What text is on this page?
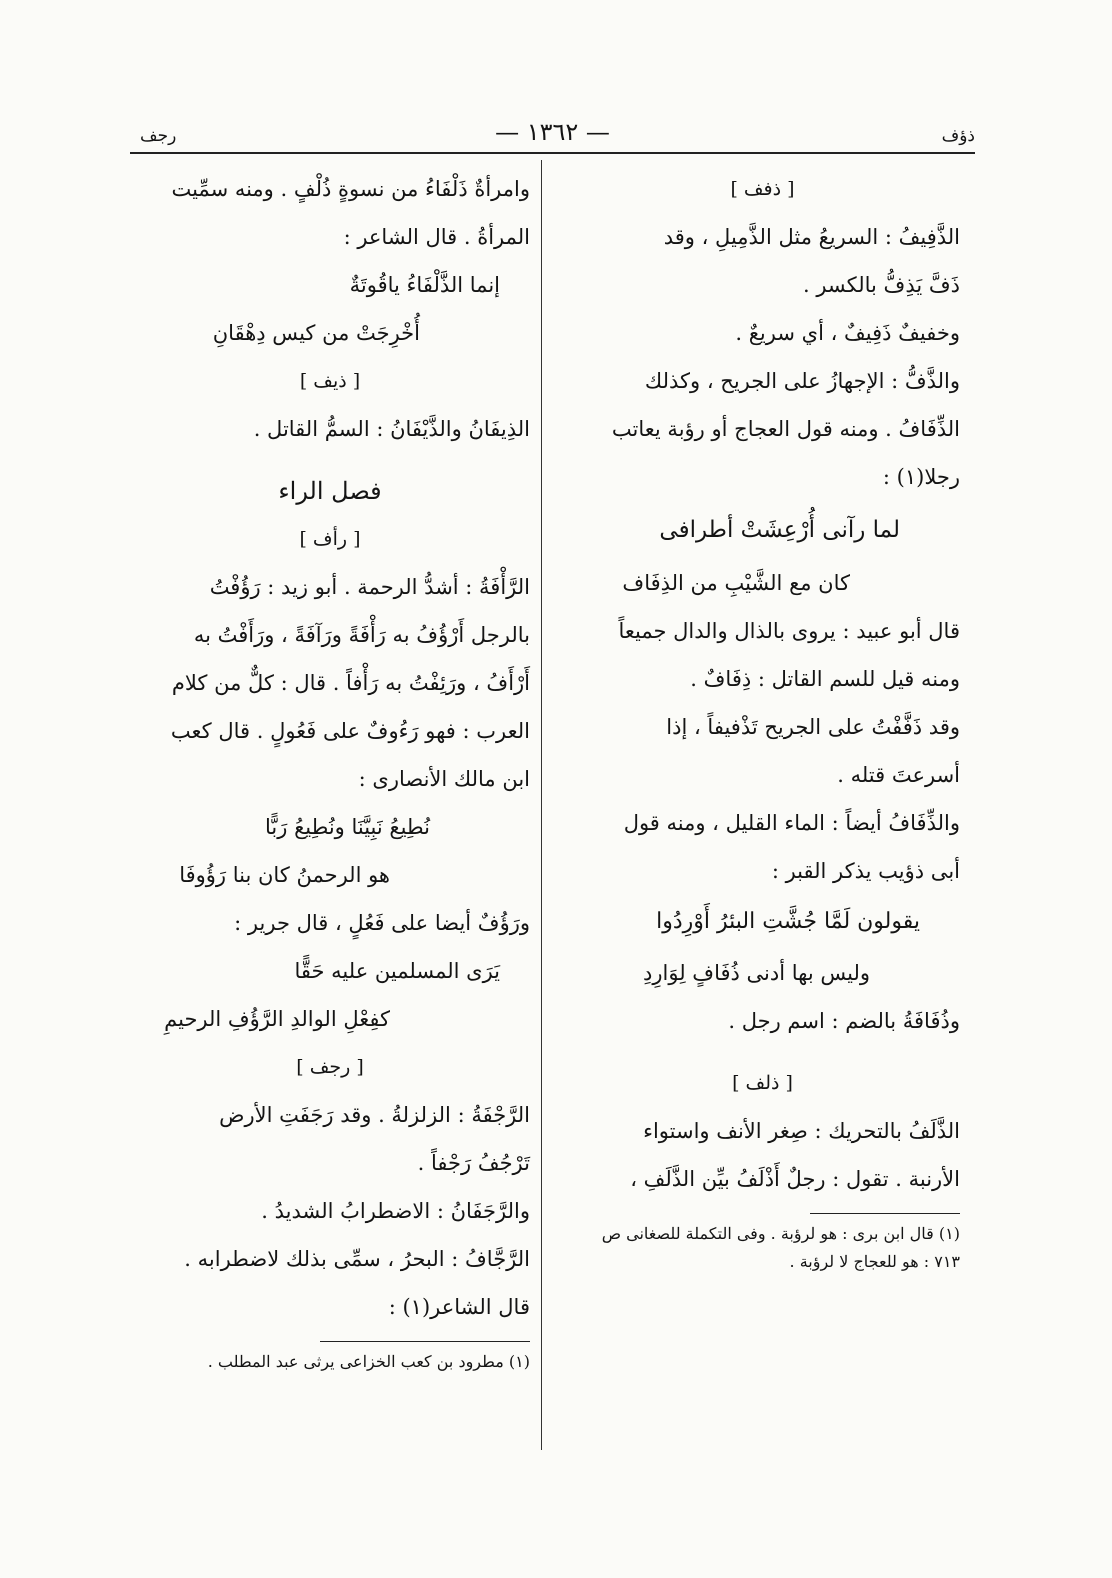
ذؤف
— ١٣٦٢ —
رجف

[ ذفف ]

الذَّفِيفُ : السريعُ مثل الذَّمِيلِ ، وقد

ذَفَّ يَذِفُّ بالكسر .

وخفيفٌ ذَفِيفٌ ، أي سريعٌ .

والذَّفُّ : الإجهازُ على الجريح ، وكذلك

الذِّفَافُ . ومنه قول العجاج أو رؤبة يعاتب

رجلا(١) :

لما رآنى أُرْعِشَتْ أطرافى

كان مع الشَّيْبِ من الذِفَاف

قال أبو عبيد : يروى بالذال والدال جميعاً

ومنه قيل للسم القاتل : ذِفَافٌ .

وقد ذَفَّفْتُ على الجريح تَذْفيفاً ، إذا

أسرعتَ قتله .

والذِّفَافُ أيضاً : الماء القليل ، ومنه قول

أبى ذؤيب يذكر القبر :

يقولون لَمَّا جُشَّتِ البئرُ أَوْرِدُوا

وليس بها أدنى ذُفَافٍ لِوَارِدِ

وذُفَافَةُ بالضم : اسم رجل .

[ ذلف ]

الذَّلَفُ بالتحريك : صِغر الأنف واستواء

الأرنبة . تقول : رجلٌ أَذْلَفُ بيِّن الذَّلَفِ ،

(١) قال ابن برى : هو لرؤبة . وفى التكملة للصغانى ص

٧١٣ : هو للعجاج لا لرؤبة .

وامرأةٌ ذَلْفَاءُ من نسوةٍ ذُلْفٍ . ومنه سمِّيت

المرأةُ . قال الشاعر :

إنما الذَّلْفَاءُ ياقُوتَةٌ

أُخْرِجَتْ من كيس دِهْقَانِ

[ ذيف ]

الذِيفَانُ والذَّيْفَانُ : السمُّ القاتل .

فصل الراء

[ رأف ]

الرَّأْفَةُ : أشدُّ الرحمة . أبو زيد : رَؤُفْتُ

بالرجل أَرْؤُفُ به رَأْفَةً ورَآفَةً ، ورَأَفْتُ به

أَرْأَفُ ، ورَئِفْتُ به رَأْفاً . قال : كلٌّ من كلام

العرب : فهو رَءُوفٌ على فَعُولٍ . قال كعب

ابن مالك الأنصارى :

نُطِيعُ نَبِيَّنَا ونُطِيعُ رَبًّا

هو الرحمنُ كان بنا رَؤُوفَا

ورَؤُفٌ أيضا على فَعُلٍ ، قال جرير :

يَرَى المسلمين عليه حَقًّا

كفِعْلِ الوالدِ الرَّؤُفِ الرحيمِ

[ رجف ]

الرَّجْفَةُ : الزلزلةُ . وقد رَجَفَتِ الأرض

تَرْجُفُ رَجْفاً .

والرَّجَفَانُ : الاضطرابُ الشديدُ .

الرَّجَّافُ : البحرُ ، سمِّى بذلك لاضطرابه .

قال الشاعر(١) :

(١) مطرود بن كعب الخزاعى يرثى عبد المطلب .
